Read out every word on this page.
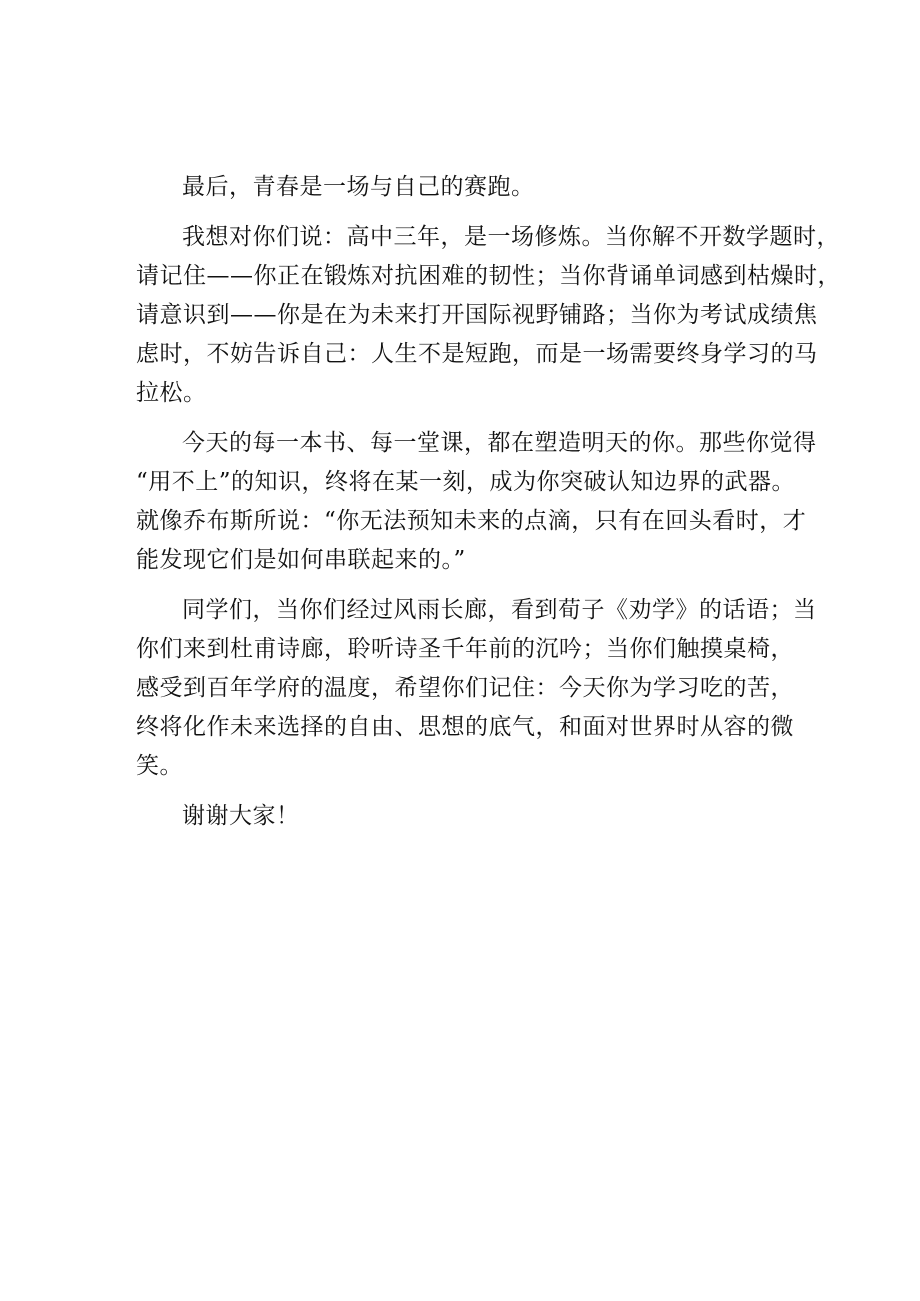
最后，青春是一场与自己的赛跑。
我想对你们说：高中三年，是一场修炼。当你解不开数学题时，
请记住——你正在锻炼对抗困难的韧性；当你背诵单词感到枯燥时，
请意识到——你是在为未来打开国际视野铺路；当你为考试成绩焦
虑时，不妨告诉自己：人生不是短跑，而是一场需要终身学习的马
拉松。
今天的每一本书、每一堂课，都在塑造明天的你。那些你觉得
“用不上”的知识，终将在某一刻，成为你突破认知边界的武器。
就像乔布斯所说：“你无法预知未来的点滴，只有在回头看时，才
能发现它们是如何串联起来的。”
同学们，当你们经过风雨长廊，看到荀子《劝学》的话语；当
你们来到杜甫诗廊，聆听诗圣千年前的沉吟；当你们触摸桌椅，
感受到百年学府的温度，希望你们记住：今天你为学习吃的苦，
终将化作未来选择的自由、思想的底气，和面对世界时从容的微
笑。
谢谢大家！
